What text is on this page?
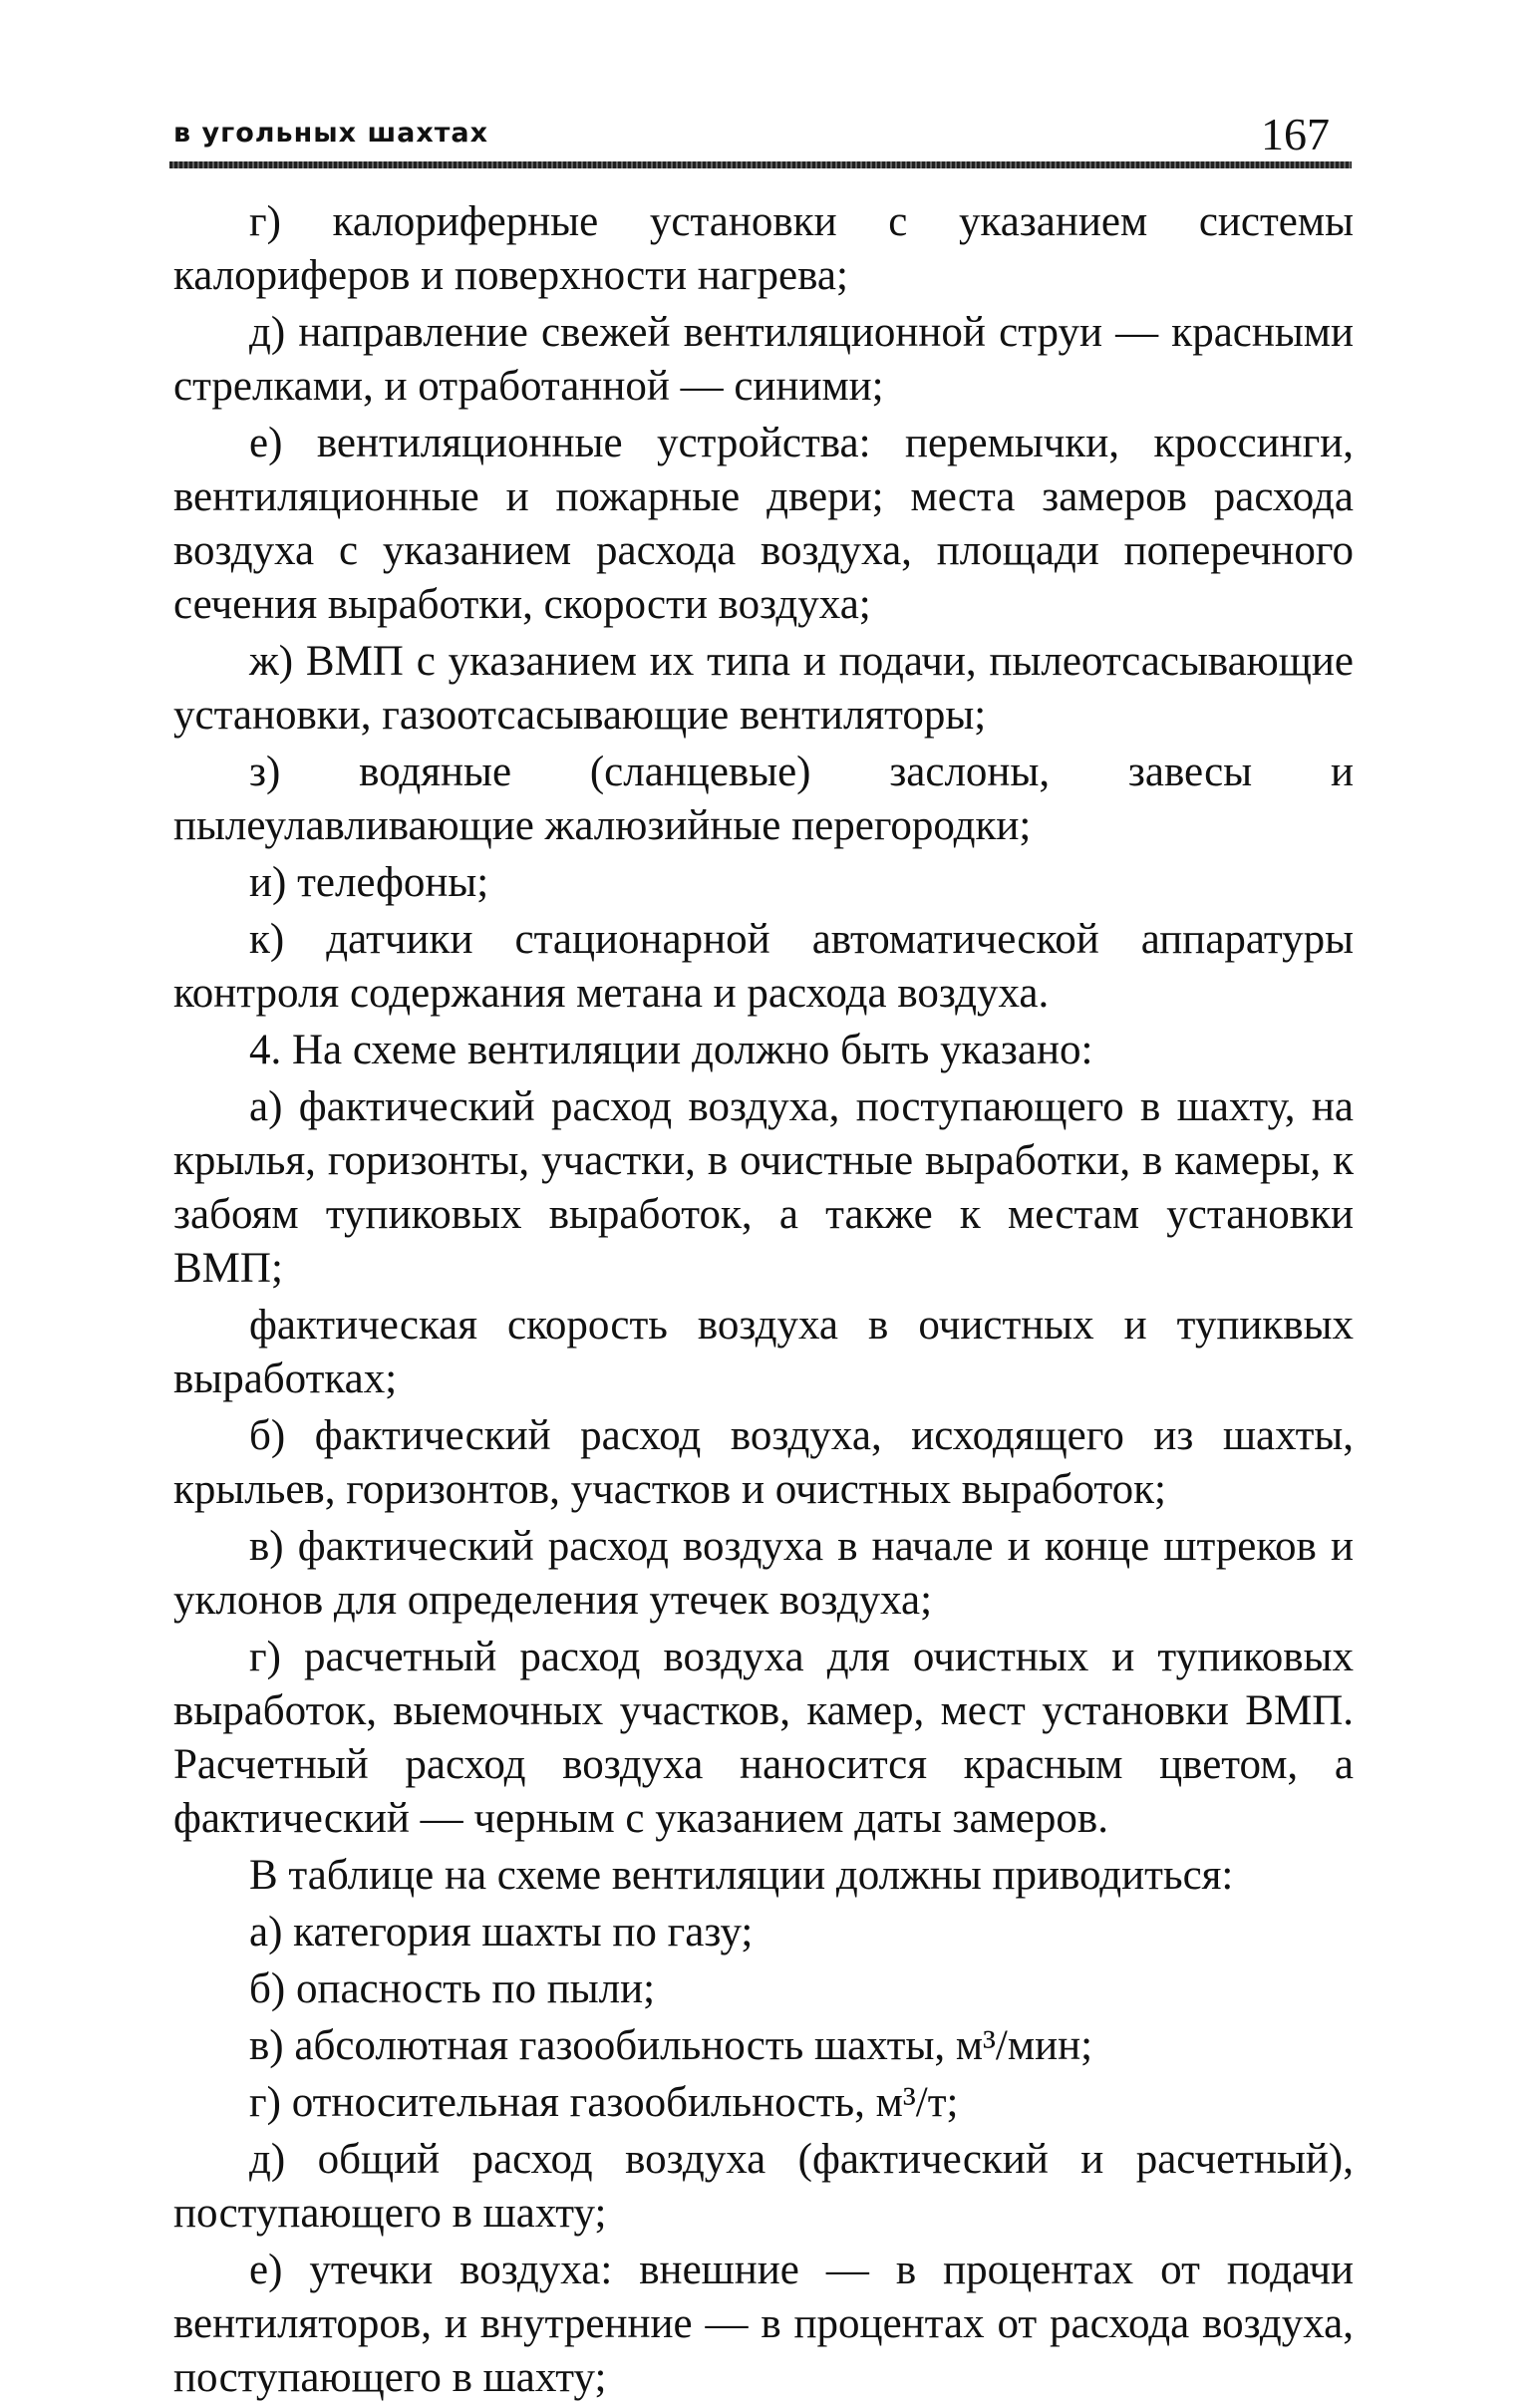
в угольных шахтах	167

г) калориферные установки с указанием системы калориферов и поверхности нагрева;

д) направление свежей вентиляционной струи — красными стрелками, и отработанной — синими;

е) вентиляционные устройства: перемычки, кроссинги, вентиляционные и пожарные двери; места замеров расхода воздуха с указанием расхода воздуха, площади поперечного сечения выработки, скорости воздуха;

ж) ВМП с указанием их типа и подачи, пылеотсасывающие установки, газоотсасывающие вентиляторы;

з) водяные (сланцевые) заслоны, завесы и пылеулавливающие жалюзийные перегородки;

и) телефоны;

к) датчики стационарной автоматической аппаратуры контроля содержания метана и расхода воздуха.

4. На схеме вентиляции должно быть указано:

а) фактический расход воздуха, поступающего в шахту, на крылья, горизонты, участки, в очистные выработки, в камеры, к забоям тупиковых выработок, а также к местам установки ВМП;

фактическая скорость воздуха в очистных и тупиквых выработках;

б) фактический расход воздуха, исходящего из шахты, крыльев, горизонтов, участков и очистных выработок;

в) фактический расход воздуха в начале и конце штреков и уклонов для определения утечек воздуха;

г) расчетный расход воздуха для очистных и тупиковых выработок, выемочных участков, камер, мест установки ВМП. Расчетный расход воздуха наносится красным цветом, а фактический — черным с указанием даты замеров.

В таблице на схеме вентиляции должны приводиться:

а) категория шахты по газу;

б) опасность по пыли;

в) абсолютная газообильность шахты, м³/мин;

г) относительная газообильность, м³/т;

д) общий расход воздуха (фактический и расчетный), поступающего в шахту;

е) утечки воздуха: внешние — в процентах от подачи вентиляторов, и внутренние — в процентах от расхода воздуха, поступающего в шахту;
